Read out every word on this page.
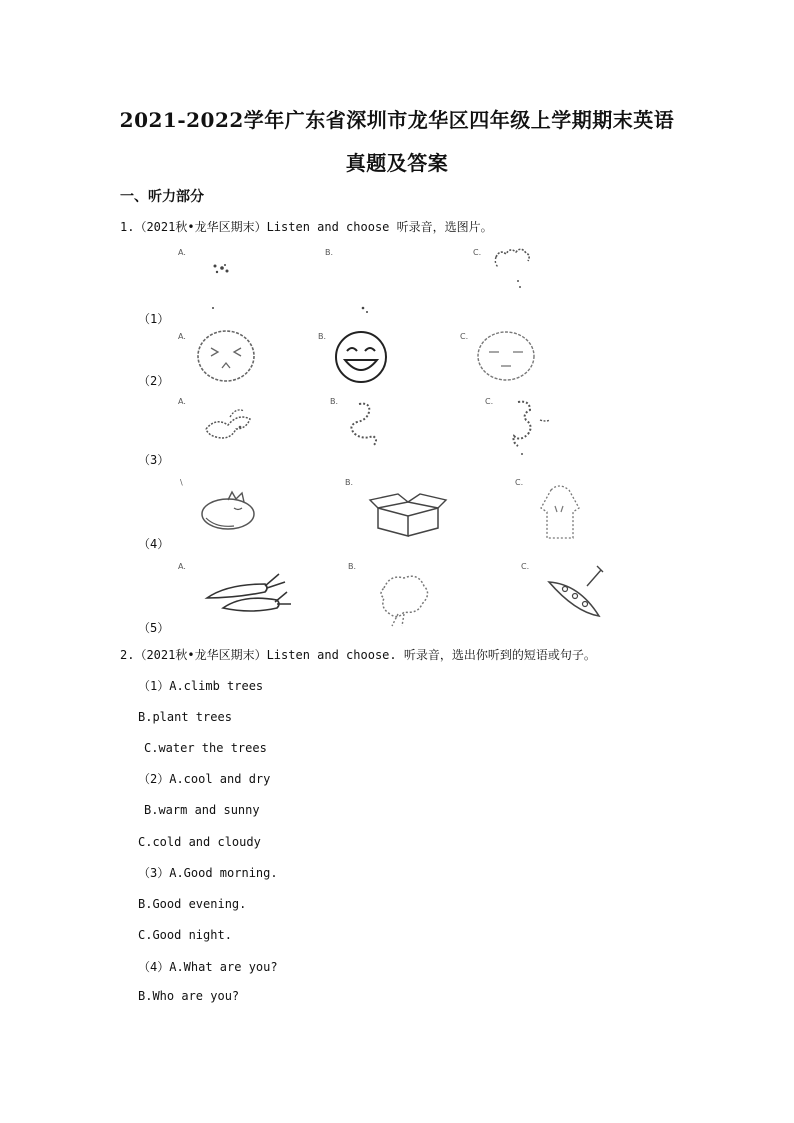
2021-2022学年广东省深圳市龙华区四年级上学期期末英语
真题及答案
一、听力部分
1.（2021秋•龙华区期末）Listen and choose 听录音，选图片。
（1）
A.	B.	C.
（2）
A.	B.	C.
（3）
A.	B.	C.
（4）
\	B.	C.
（5）
A.	B.	C.
2.（2021秋•龙华区期末）Listen and choose. 听录音，选出你听到的短语或句子。
（1）A.climb trees
B.plant trees
C.water the trees
（2）A.cool and dry
B.warm and sunny
C.cold and cloudy
（3）A.Good morning.
B.Good evening.
C.Good night.
（4）A.What are you?
B.Who are you?
